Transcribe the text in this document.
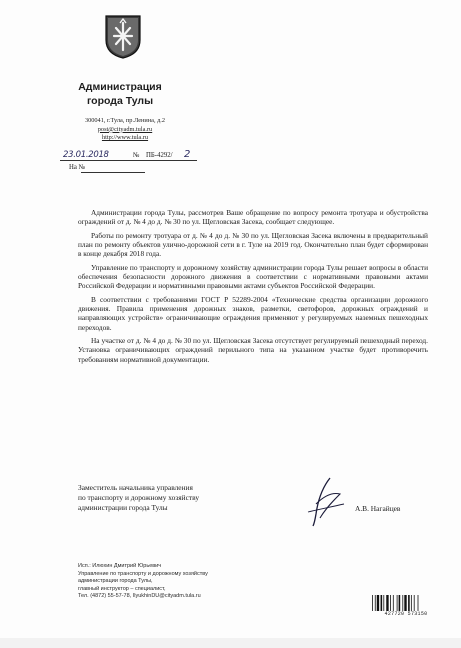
Администрация
города Тулы
300041, г.Тула, пр.Ленина, д.2
post@cityadm.tula.ru
http://www.tula.ru
23.01.2018	№ ПБ-4292/ 2
На №

Администрации города Тулы, рассмотрев Ваше обращение по вопросу ремонта тротуара и обустройства ограждений от д. № 4 до д. № 30 по ул. Щегловская Засека, сообщает следующее.

Работы по ремонту тротуара от д. № 4 до д. № 30 по ул. Щегловская Засека включены в предварительный план по ремонту объектов улично-дорожной сети в г. Туле на 2019 год. Окончательно план будет сформирован в конце декабря 2018 года.

Управление по транспорту и дорожному хозяйству администрации города Тулы решает вопросы в области обеспечения безопасности дорожного движения в соответствии с нормативными правовыми актами Российской Федерации и нормативными правовыми актами субъектов Российской Федерации.

В соответствии с требованиями ГОСТ Р 52289-2004 «Технические средства организации дорожного движения. Правила применения дорожных знаков, разметки, светофоров, дорожных ограждений и направляющих устройств» ограничивающие ограждения применяют у регулируемых наземных пешеходных переходов.

На участке от д. № 4 до д. № 30 по ул. Щегловская Засека отсутствует регулируемый пешеходный переход. Установка ограничивающих ограждений перильного типа на указанном участке будет противоречить требованиям нормативной документации.

Заместитель начальника управления
по транспорту и дорожному хозяйству
администрации города Тулы	А.В. Нагайцев
Исп.: Илюхин Дмитрий Юрьевич
Управление по транспорту и дорожному хозяйству
администрации города Тулы,
главный инструктор – специалист,
Тел. (4872) 55-57-78, IlyukhinDU@cityadm.tula.ru
427720 573150
